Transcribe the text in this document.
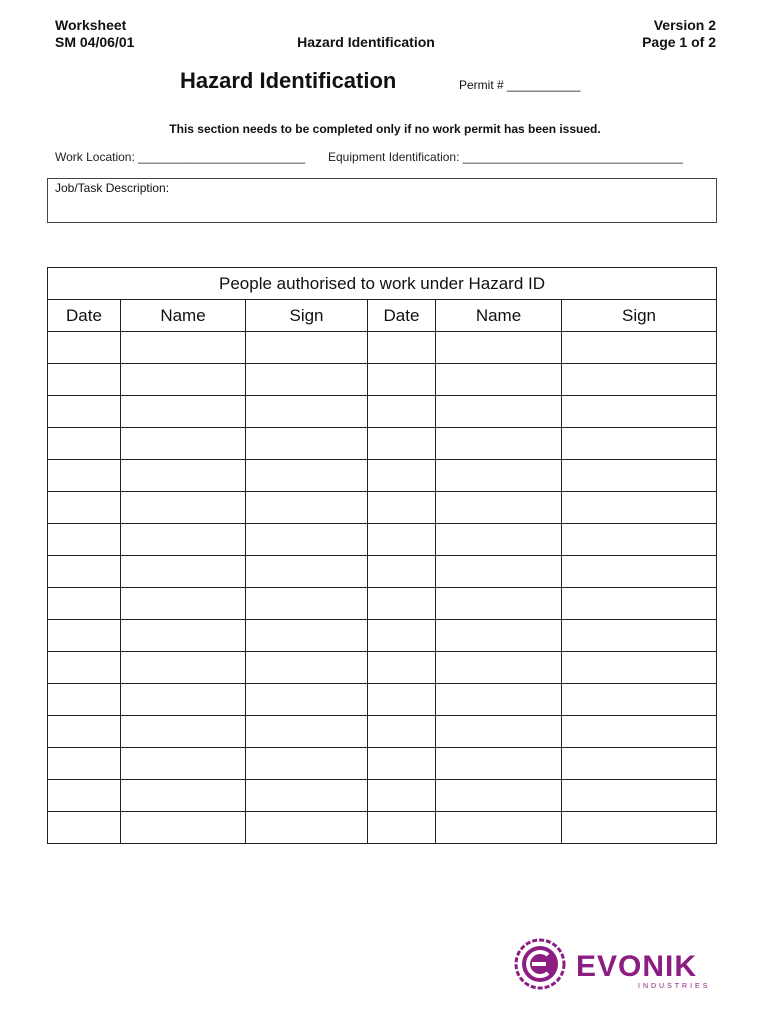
Worksheet
SM 04/06/01	Hazard Identification
Version 2
Page 1 of 2
Hazard Identification	Permit # ___________
This section needs to be completed only if no work permit has been issued.
Work Location: _________________________ Equipment Identification: _________________________________
Job/Task Description:
People authorised to work under Hazard ID					
Date	Name	Sign	Date	Name	Sign

EVONIK
INDUSTRIES
